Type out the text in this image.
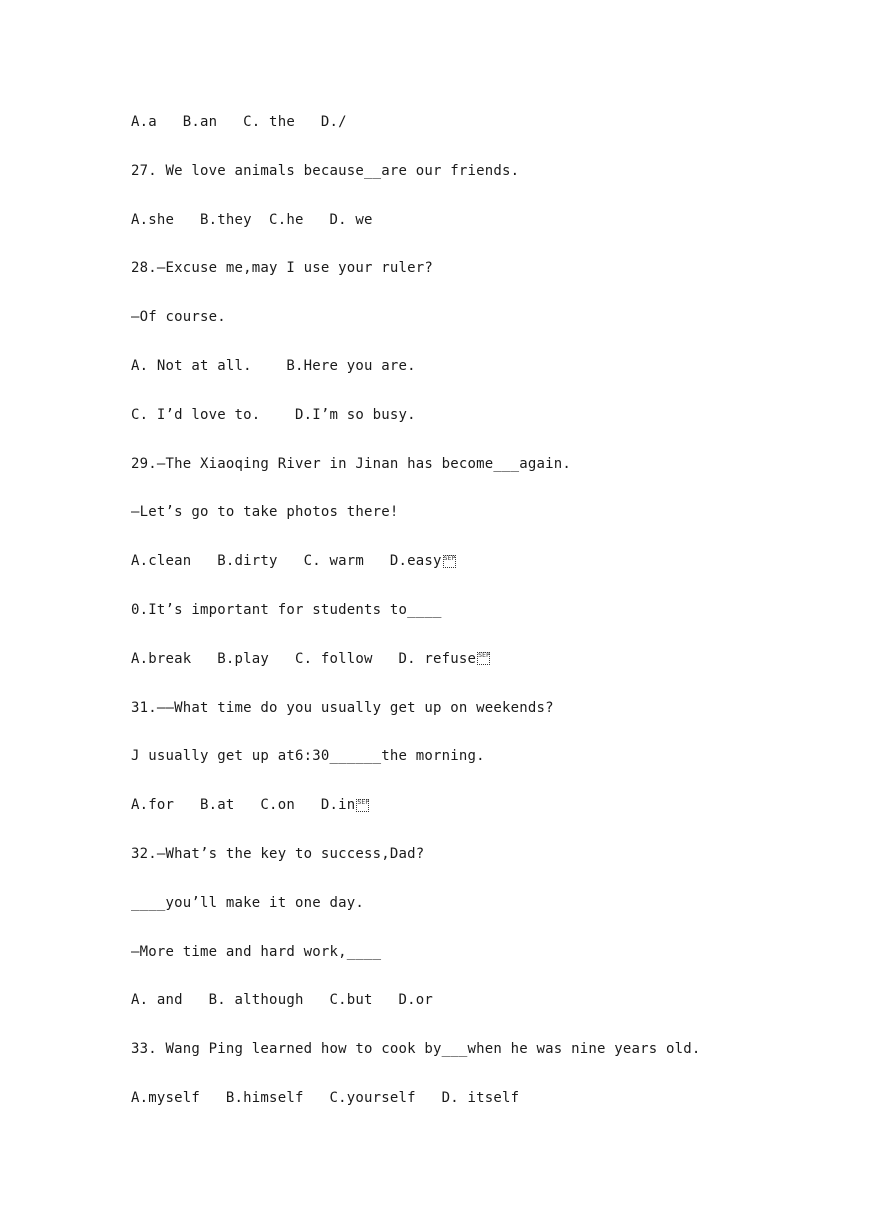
A.a   B.an   C. the   D./
27. We love animals because__are our friends.
A.she   B.they  C.he   D. we
28.—Excuse me,may I use your ruler?
—Of course.
A. Not at all.    B.Here you are.
C. I’d love to.    D.I’m so busy.
29.—The Xiaoqing River in Jinan has become___again.
—Let’s go to take photos there!
A.clean   B.dirty   C. warm   D.easy SEP
0.It’s important for students to____
A.break   B.play   C. follow   D. refuse SEP
31.——What time do you usually get up on weekends?
J usually get up at6:30______the morning.
A.for   B.at   C.on   D.in SEP
32.—What’s the key to success,Dad?
____you’ll make it one day.
—More time and hard work,____
A. and   B. although   C.but   D.or
33. Wang Ping learned how to cook by___when he was nine years old.
A.myself   B.himself   C.yourself   D. itself
